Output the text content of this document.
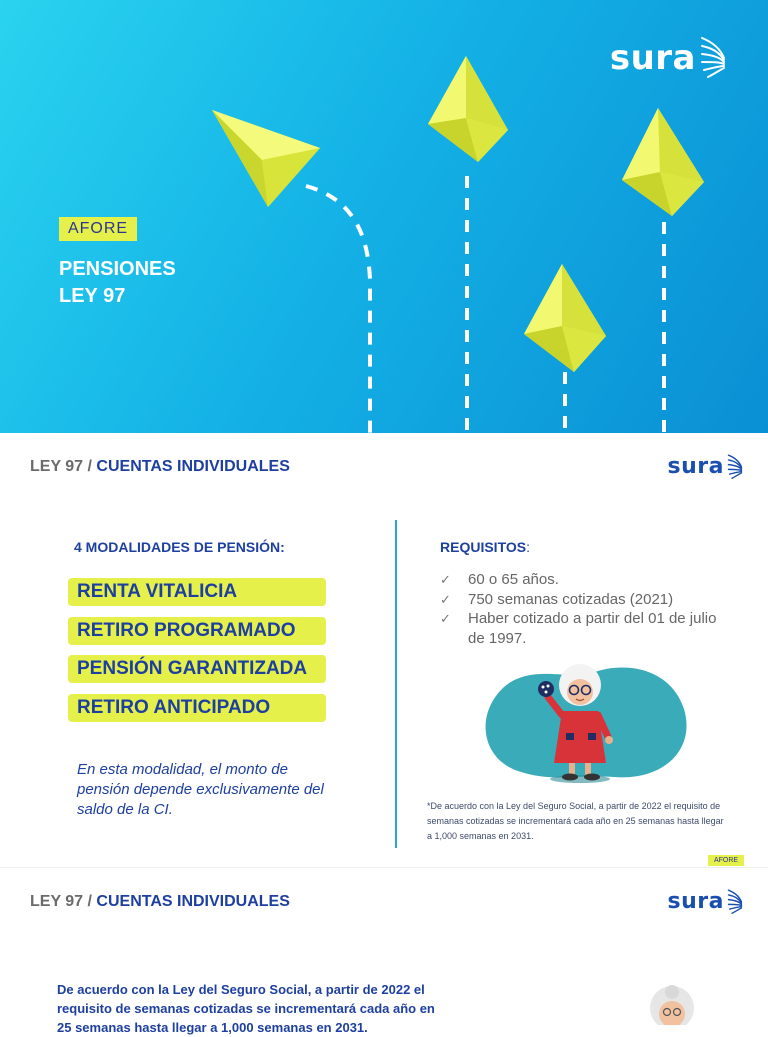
sura
AFORE
PENSIONES
LEY 97
LEY 97 / CUENTAS INDIVIDUALES	sura
4 MODALIDADES DE PENSIÓN:
RENTA VITALICIA
RETIRO PROGRAMADO
PENSIÓN GARANTIZADA
RETIRO ANTICIPADO

En esta modalidad, el monto de pensión depende exclusivamente del saldo de la CI.

REQUISITOS:
✓ 60 o 65 años.
✓ 750 semanas cotizadas (2021)
✓ Haber cotizado a partir del 01 de julio de 1997.

*De acuerdo con la Ley del Seguro Social, a partir de 2022 el requisito de semanas cotizadas se incrementará cada año en 25 semanas hasta llegar a 1,000 semanas en 2031.

AFORE
LEY 97 / CUENTAS INDIVIDUALES	sura

De acuerdo con la Ley del Seguro Social, a partir de 2022 el requisito de semanas cotizadas se incrementará cada año en 25 semanas hasta llegar a 1,000 semanas en 2031.
